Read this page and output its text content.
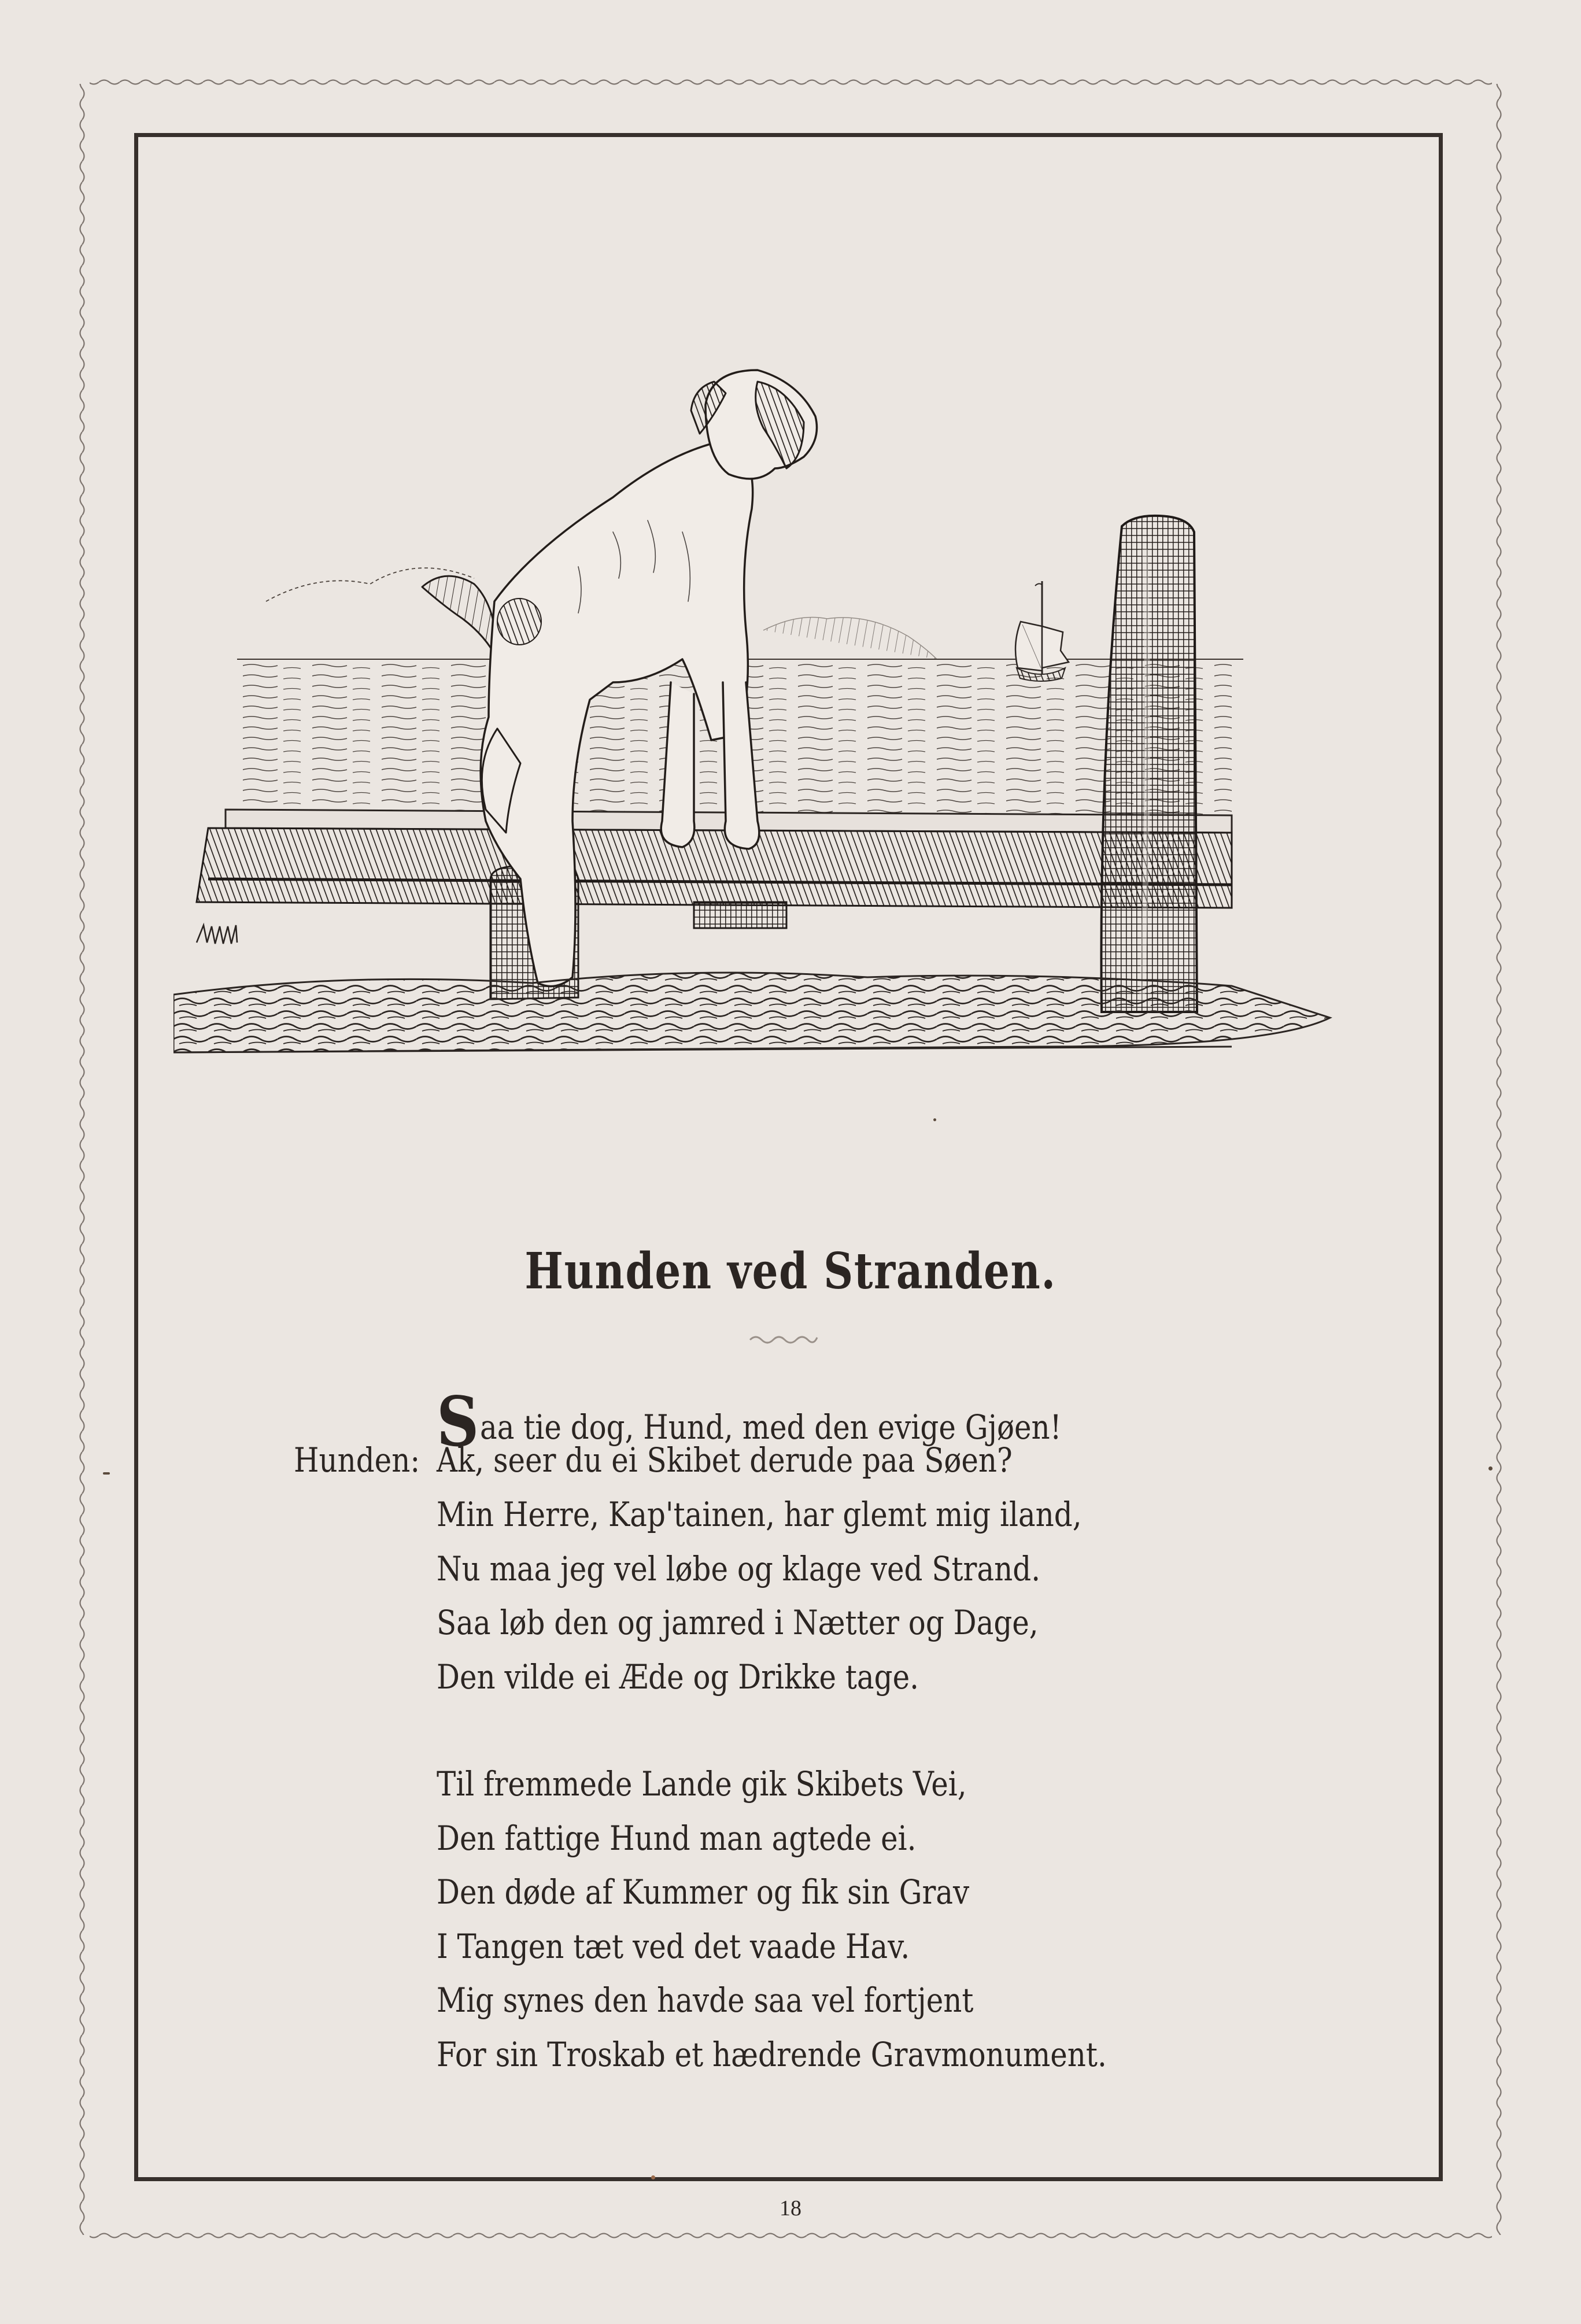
Hunden ved Stranden.
Hunden: Saa tie dog, Hund, med den evige Gjøen!
Ak, seer du ei Skibet derude paa Søen?
Min Herre, Kap'tainen, har glemt mig iland,
Nu maa jeg vel løbe og klage ved Strand.
Saa løb den og jamred i Nætter og Dage,
Den vilde ei Æde og Drikke tage.
Til fremmede Lande gik Skibets Vei,
Den fattige Hund man agtede ei.
Den døde af Kummer og fik sin Grav
I Tangen tæt ved det vaade Hav.
Mig synes den havde saa vel fortjent
For sin Troskab et hædrende Gravmonument.
18
